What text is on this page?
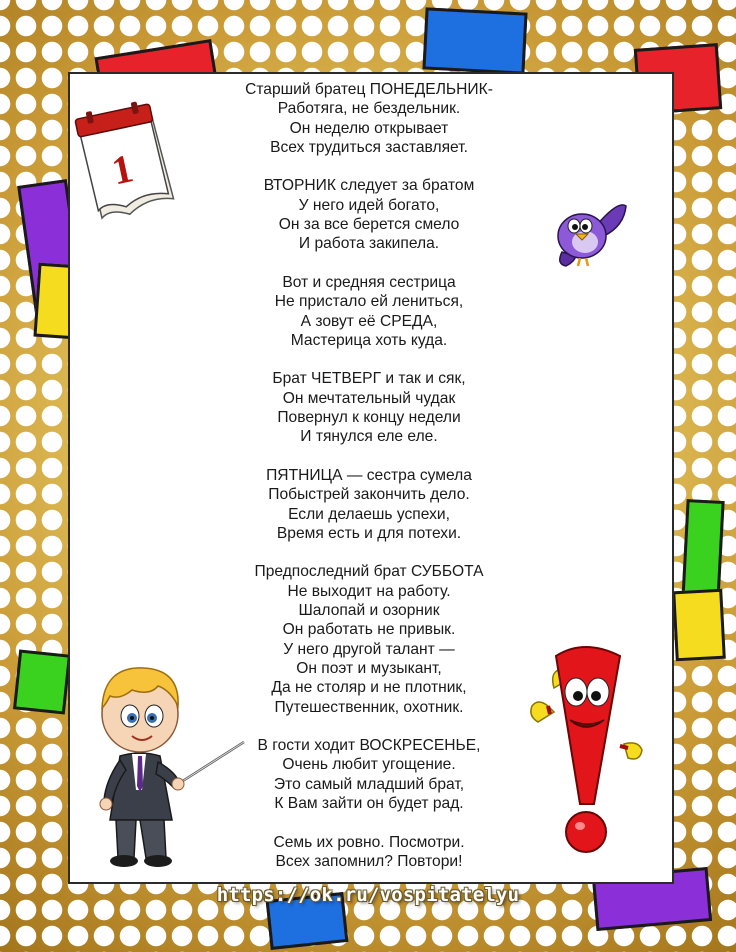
Старший братец ПОНЕДЕЛЬНИК-
Работяга, не бездельник.
Он неделю открывает
Всех трудиться заставляет.
ВТОРНИК следует за братом
У него идей богато,
Он за все берется смело
И работа закипела.
Вот и средняя сестрица
Не пристало ей лениться,
А зовут её СРЕДА,
Мастерица хоть куда.
Брат ЧЕТВЕРГ и так и сяк,
Он мечтательный чудак
Повернул к концу недели
И тянулся еле еле.
ПЯТНИЦА — сестра сумела
Побыстрей закончить дело.
Если делаешь успехи,
Время есть и для потехи.
Предпоследний брат СУББОТА
Не выходит на работу.
Шалопай и озорник
Он работать не привык.
У него другой талант —
Он поэт и музыкант,
Да не столяр и не плотник,
Путешественник, охотник.
В гости ходит ВОСКРЕСЕНЬЕ,
Очень любит угощение.
Это самый младший брат,
К Вам зайти он будет рад.
Семь их ровно. Посмотри.
Всех запомнил? Повтори!
1
https://ok.ru/vospitatelyu
